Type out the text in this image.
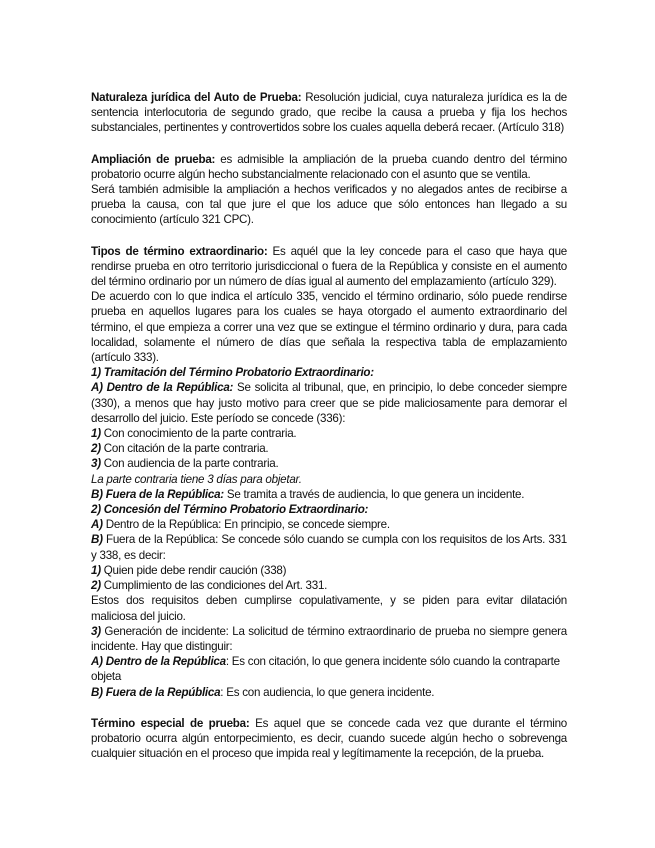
Naturaleza jurídica del Auto de Prueba: Resolución judicial, cuya naturaleza jurídica es la de sentencia interlocutoria de segundo grado, que recibe la causa a prueba y fija los hechos substanciales, pertinentes y controvertidos sobre los cuales aquella deberá recaer. (Artículo 318)

Ampliación de prueba: es admisible la ampliación de la prueba cuando dentro del término probatorio ocurre algún hecho substancialmente relacionado con el asunto que se ventila.

Será también admisible la ampliación a hechos verificados y no alegados antes de recibirse a prueba la causa, con tal que jure el que los aduce que sólo entonces han llegado a su conocimiento (artículo 321 CPC).

Tipos de término extraordinario: Es aquél que la ley concede para el caso que haya que rendirse prueba en otro territorio jurisdiccional o fuera de la República y consiste en el aumento del término ordinario por un número de días igual al aumento del emplazamiento (artículo 329).

De acuerdo con lo que indica el artículo 335, vencido el término ordinario, sólo puede rendirse prueba en aquellos lugares para los cuales se haya otorgado el aumento extraordinario del término, el que empieza a correr una vez que se extingue el término ordinario y dura, para cada localidad, solamente el número de días que señala la respectiva tabla de emplazamiento (artículo 333).

1) Tramitación del Término Probatorio Extraordinario:

A) Dentro de la República: Se solicita al tribunal, que, en principio, lo debe conceder siempre (330), a menos que hay justo motivo para creer que se pide maliciosamente para demorar el desarrollo del juicio. Este período se concede (336):

1) Con conocimiento de la parte contraria.

2) Con citación de la parte contraria.

3) Con audiencia de la parte contraria.

La parte contraria tiene 3 días para objetar.

B) Fuera de la República: Se tramita a través de audiencia, lo que genera un incidente.

2) Concesión del Término Probatorio Extraordinario:

A) Dentro de la República: En principio, se concede siempre.

B) Fuera de la República: Se concede sólo cuando se cumpla con los requisitos de los Arts. 331 y 338, es decir:

1) Quien pide debe rendir caución (338)

2) Cumplimiento de las condiciones del Art. 331.

Estos dos requisitos deben cumplirse copulativamente, y se piden para evitar dilatación maliciosa del juicio.

3) Generación de incidente: La solicitud de término extraordinario de prueba no siempre genera incidente. Hay que distinguir:

A) Dentro de la República: Es con citación, lo que genera incidente sólo cuando la contraparte objeta

B) Fuera de la República: Es con audiencia, lo que genera incidente.

Término especial de prueba: Es aquel que se concede cada vez que durante el término probatorio ocurra algún entorpecimiento, es decir, cuando sucede algún hecho o sobrevenga cualquier situación en el proceso que impida real y legítimamente la recepción, de la prueba.
